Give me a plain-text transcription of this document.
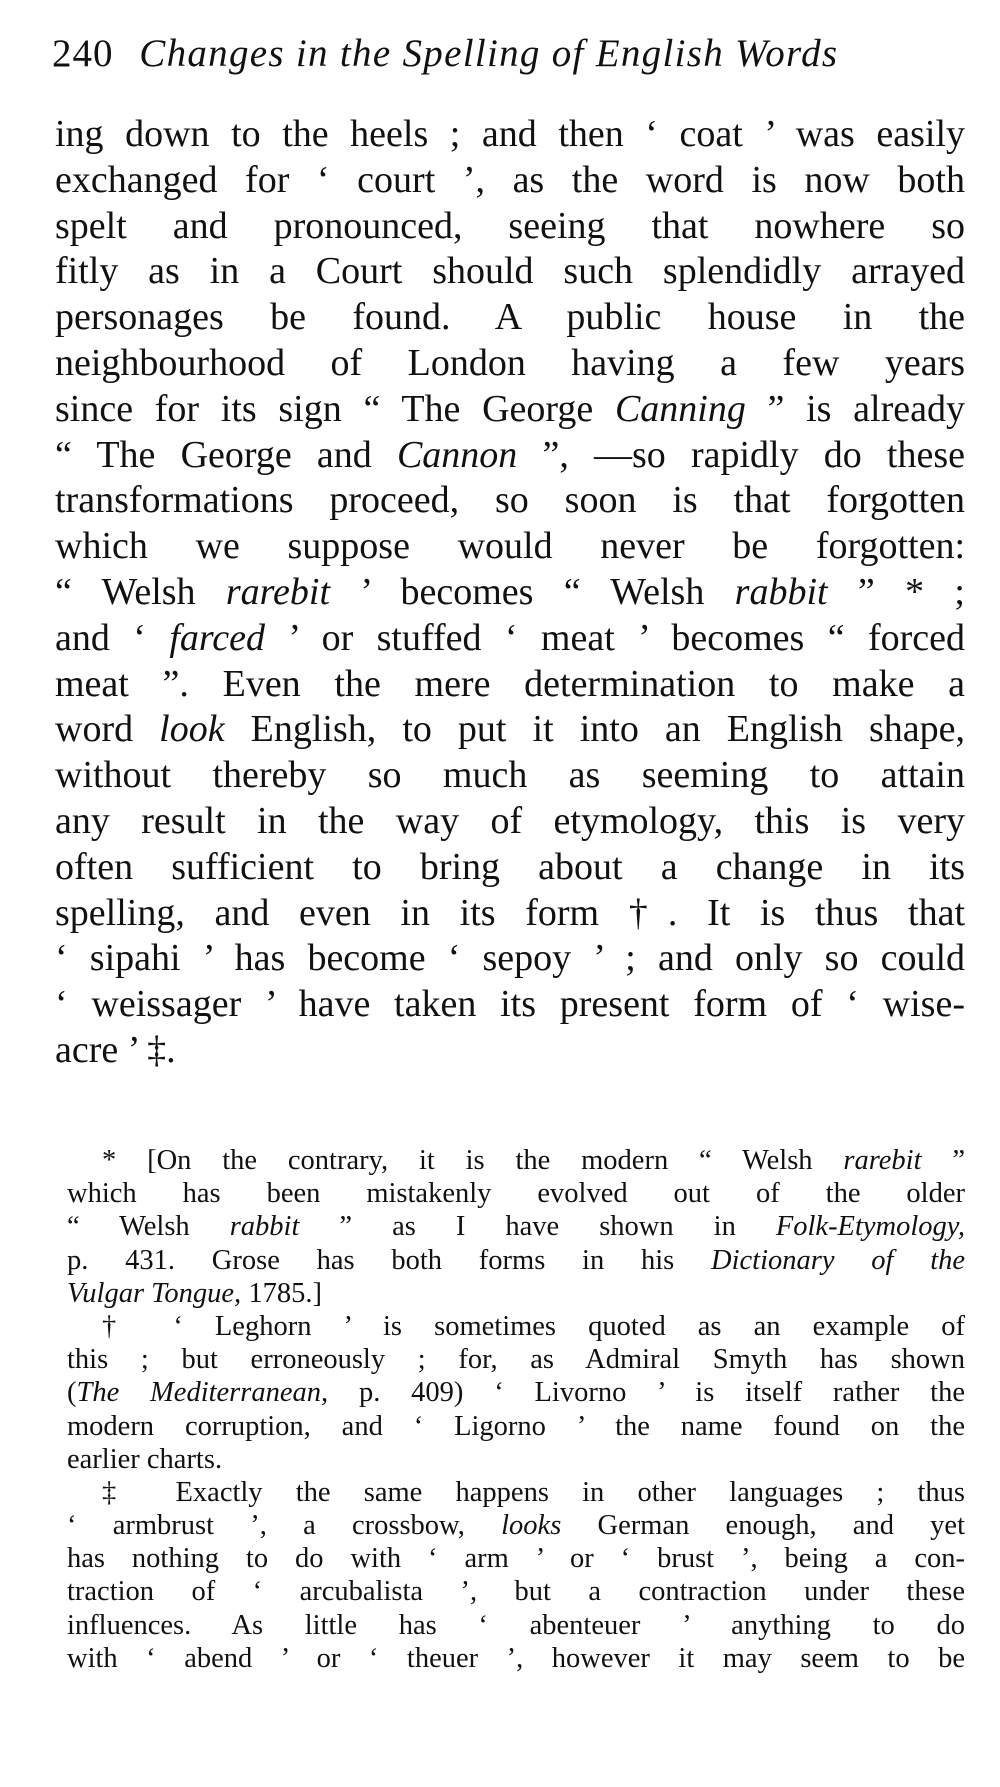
240 Changes in the Spelling of English Words
ing down to the heels ; and then ‘ coat ’ was easily
exchanged for ‘ court ’, as the word is now both
spelt and pronounced, seeing that nowhere so
fitly as in a Court should such splendidly arrayed
personages be found. A public house in the
neighbourhood of London having a few years
since for its sign “ The George Canning ” is already
“ The George and Cannon ”, —so rapidly do these
transformations proceed, so soon is that forgotten
which we suppose would never be forgotten:
“ Welsh rarebit ’ becomes “ Welsh rabbit ” * ;
and ‘ farced ’ or stuffed ‘ meat ’ becomes “ forced
meat ”. Even the mere determination to make a
word look English, to put it into an English shape,
without thereby so much as seeming to attain
any result in the way of etymology, this is very
often sufficient to bring about a change in its
spelling, and even in its form †. It is thus that
‘ sipahi ’ has become ‘ sepoy ’ ; and only so could
‘ weissager ’ have taken its present form of ‘ wise-
acre ’ ‡.
* [On the contrary, it is the modern “ Welsh rarebit ”
which has been mistakenly evolved out of the older
“ Welsh rabbit ” as I have shown in Folk-Etymology,
p. 431. Grose has both forms in his Dictionary of the
Vulgar Tongue, 1785.]
† ‘ Leghorn ’ is sometimes quoted as an example of
this ; but erroneously ; for, as Admiral Smyth has shown
(The Mediterranean, p. 409) ‘ Livorno ’ is itself rather the
modern corruption, and ‘ Ligorno ’ the name found on the
earlier charts.
‡ Exactly the same happens in other languages ; thus
‘ armbrust ’, a crossbow, looks German enough, and yet
has nothing to do with ‘ arm ’ or ‘ brust ’, being a con-
traction of ‘ arcubalista ’, but a contraction under these
influences. As little has ‘ abenteuer ’ anything to do
with ‘ abend ’ or ‘ theuer ’, however it may seem to be
